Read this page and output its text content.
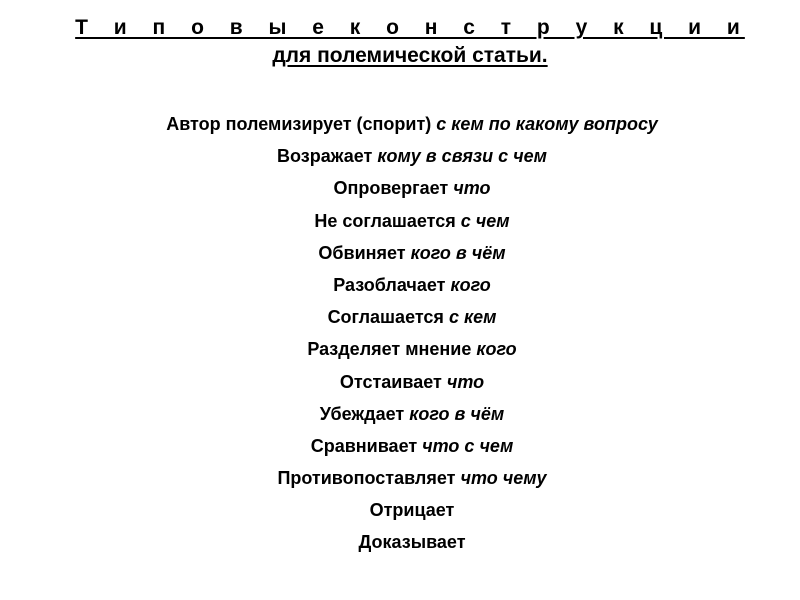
Т и п о в ы е к о н с т р у к ц и и
для полемической статьи.
Автор полемизирует (спорит) с кем по какому вопросу
Возражает кому в связи с чем
Опровергает что
Не соглашается с чем
Обвиняет кого в чём
Разоблачает кого
Соглашается с кем
Разделяет мнение кого
Отстаивает что
Убеждает кого в чём
Сравнивает что с чем
Противопоставляет что чему
Отрицает
Доказывает
